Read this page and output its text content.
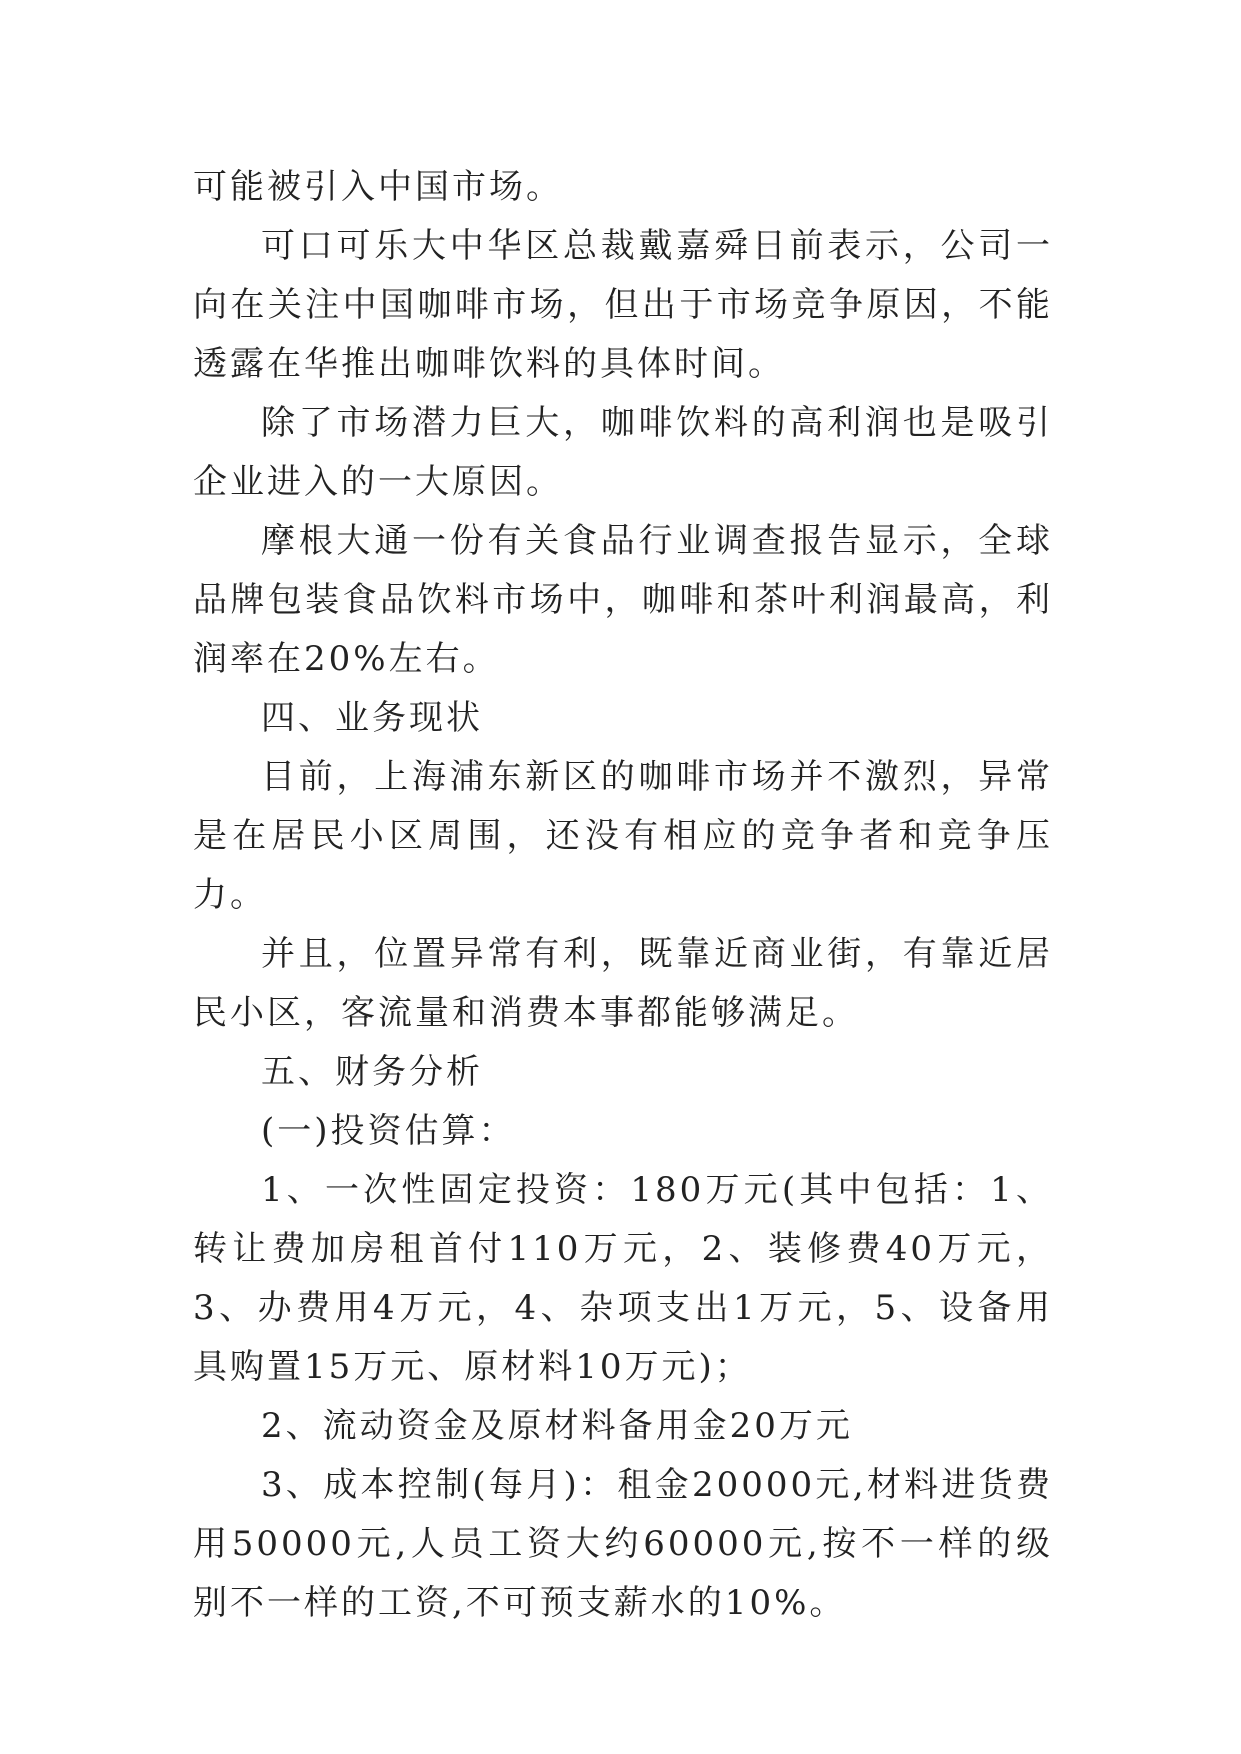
可能被引入中国市场。

可口可乐大中华区总裁戴嘉舜日前表示，公司一向在关注中国咖啡市场，但出于市场竞争原因，不能透露在华推出咖啡饮料的具体时间。

除了市场潜力巨大，咖啡饮料的高利润也是吸引企业进入的一大原因。

摩根大通一份有关食品行业调查报告显示，全球品牌包装食品饮料市场中，咖啡和茶叶利润最高，利润率在20%左右。

四、业务现状

目前，上海浦东新区的咖啡市场并不激烈，异常是在居民小区周围，还没有相应的竞争者和竞争压力。

并且，位置异常有利，既靠近商业街，有靠近居民小区，客流量和消费本事都能够满足。

五、财务分析

(一)投资估算：

1、一次性固定投资：180万元(其中包括：1、转让费加房租首付110万元，2、装修费40万元，3、办费用4万元，4、杂项支出1万元，5、设备用具购置15万元、原材料10万元)；

2、流动资金及原材料备用金20万元

3、成本控制(每月)：租金20000元,材料进货费用50000元,人员工资大约60000元,按不一样的级别不一样的工资,不可预支薪水的10%。
